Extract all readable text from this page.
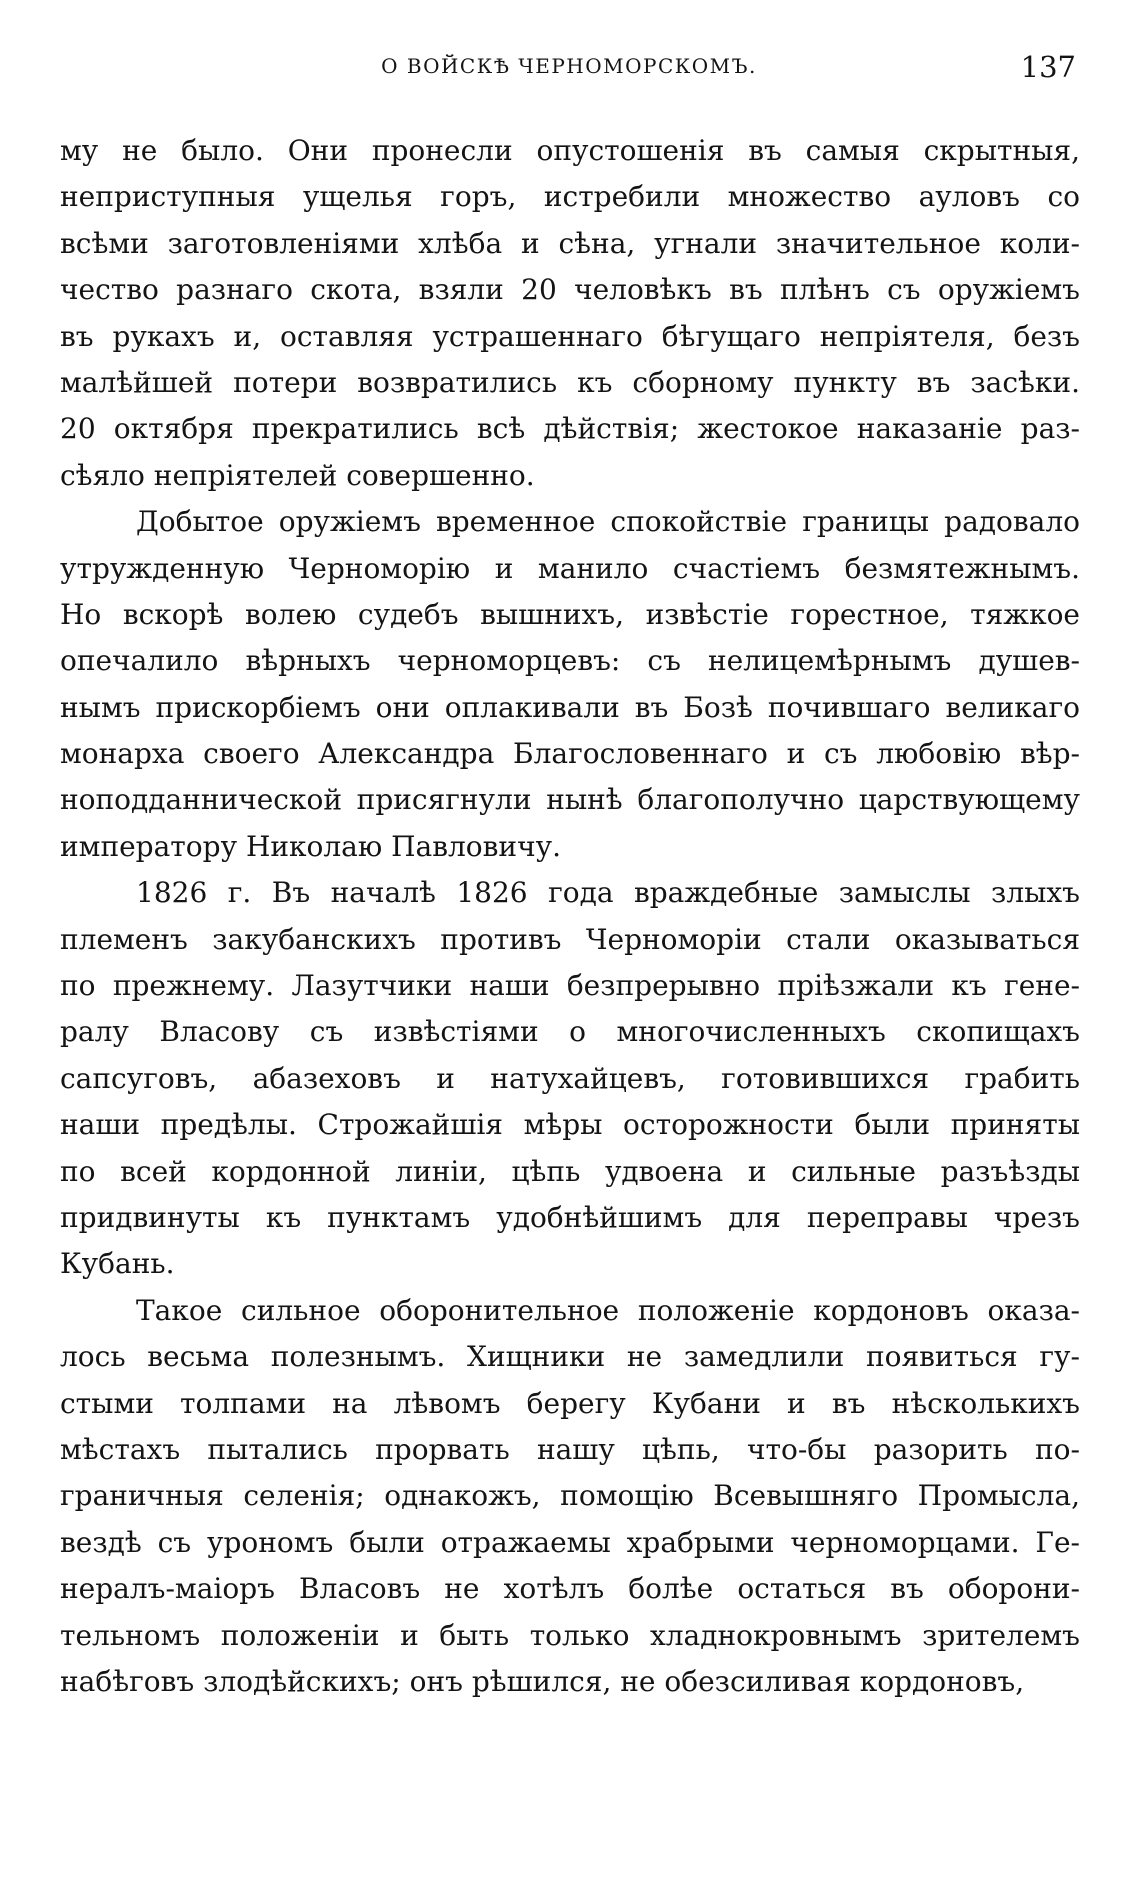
О ВОЙСКѢ ЧЕРНОМОРСКОМЪ.	137
му не было. Они пронесли опустошенія въ самыя скрытныя,
неприступныя ущелья горъ, истребили множество ауловъ со
всѣми заготовленіями хлѣба и сѣна, угнали значительное коли-
чество разнаго скота, взяли 20 человѣкъ въ плѣнъ съ оружіемъ
въ рукахъ и, оставляя устрашеннаго бѣгущаго непріятеля, безъ
малѣйшей потери возвратились къ сборному пункту въ засѣки.
20 октября прекратились всѣ дѣйствія; жестокое наказаніе раз-
сѣяло непріятелей совершенно.
Добытое оружіемъ временное спокойствіе границы радовало
утружденную Черноморію и манило счастіемъ безмятежнымъ.
Но вскорѣ волею судебъ вышнихъ, извѣстіе горестное, тяжкое
опечалило вѣрныхъ черноморцевъ: съ нелицемѣрнымъ душев-
нымъ прискорбіемъ они оплакивали въ Бозѣ почившаго великаго
монарха своего Александра Благословеннаго и съ любовію вѣр-
ноподданнической присягнули нынѣ благополучно царствующему
императору Николаю Павловичу.
1826 г. Въ началѣ 1826 года враждебные замыслы злыхъ
племенъ закубанскихъ противъ Черноморіи стали оказываться
по прежнему. Лазутчики наши безпрерывно пріѣзжали къ гене-
ралу Власову съ извѣстіями о многочисленныхъ скопищахъ
сапсуговъ, абазеховъ и натухайцевъ, готовившихся грабить
наши предѣлы. Строжайшія мѣры осторожности были приняты
по всей кордонной линіи, цѣпь удвоена и сильные разъѣзды
придвинуты къ пунктамъ удобнѣйшимъ для переправы чрезъ
Кубань.
Такое сильное оборонительное положеніе кордоновъ оказа-
лось весьма полезнымъ. Хищники не замедлили появиться гу-
стыми толпами на лѣвомъ берегу Кубани и въ нѣсколькихъ
мѣстахъ пытались прорвать нашу цѣпь, что-бы разорить по-
граничныя селенія; однакожъ, помощію Всевышняго Промысла,
вездѣ съ урономъ были отражаемы храбрыми черноморцами. Ге-
нералъ-маіоръ Власовъ не хотѣлъ болѣе остаться въ оборони-
тельномъ положеніи и быть только хладнокровнымъ зрителемъ
набѣговъ злодѣйскихъ; онъ рѣшился, не обезсиливая кордоновъ,
